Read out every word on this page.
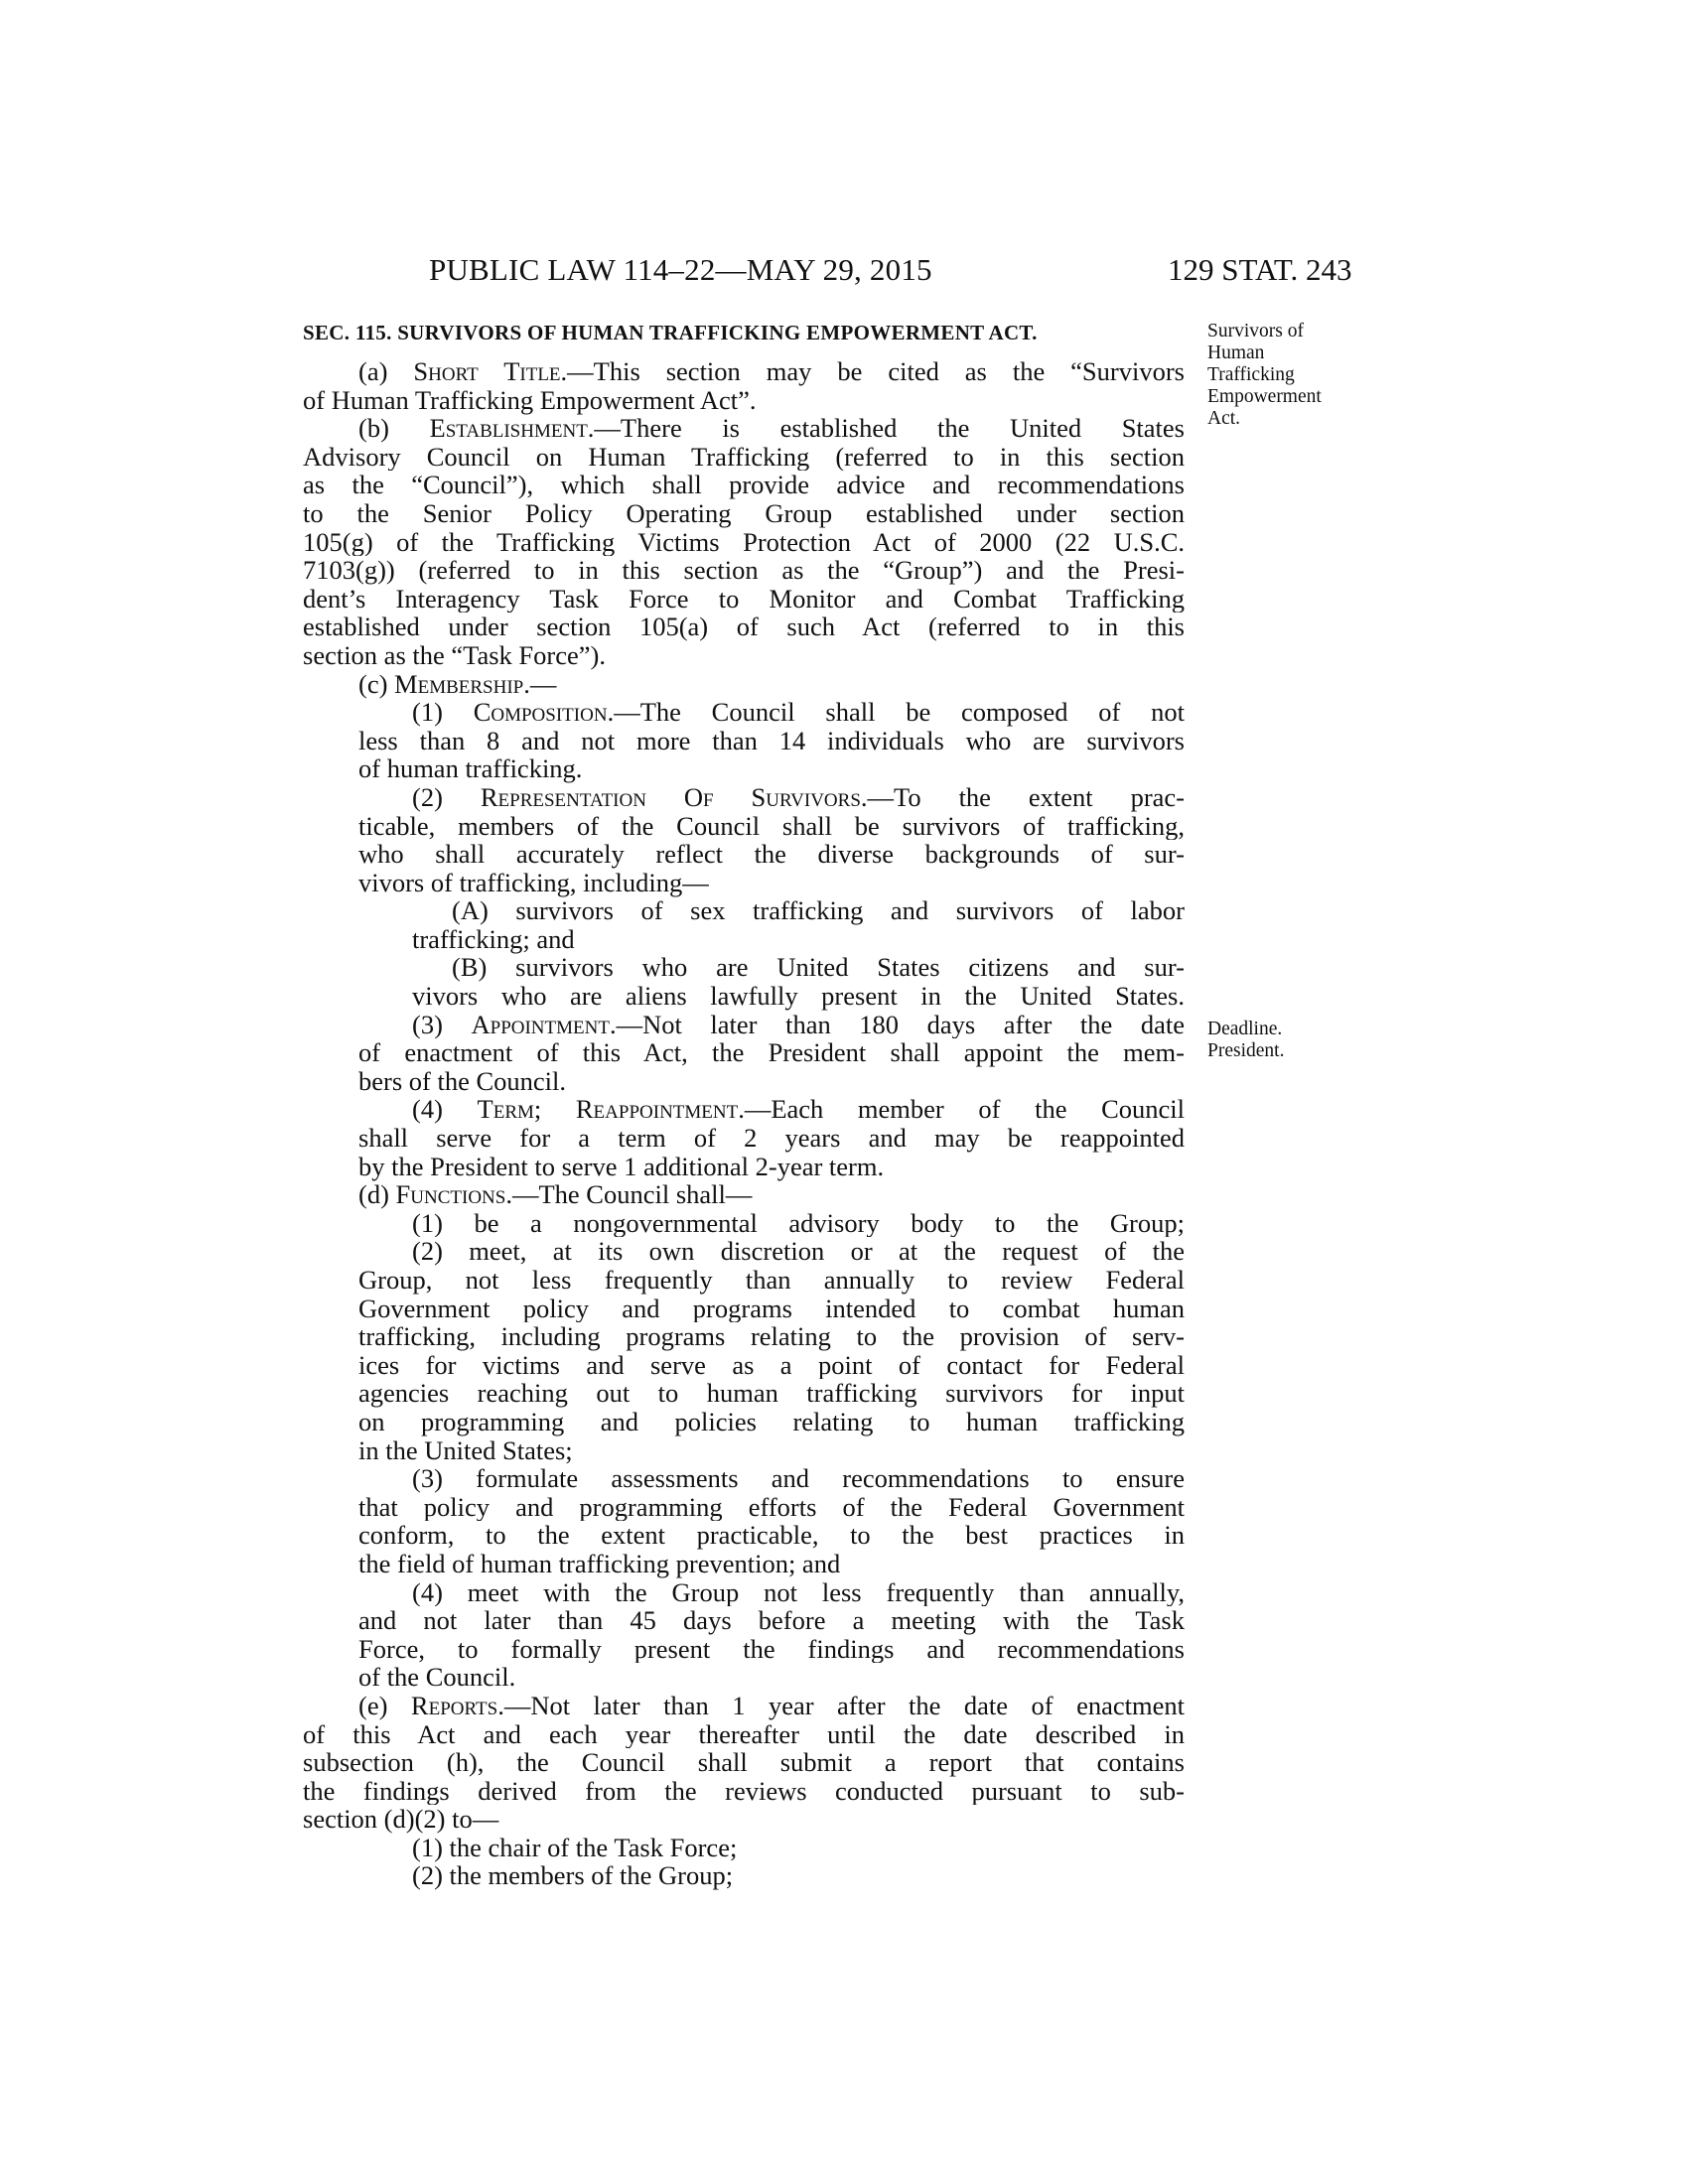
PUBLIC LAW 114–22—MAY 29, 2015	129 STAT. 243
Survivors of
Human
Trafficking
Empowerment
Act.
Deadline.
President.
SEC. 115. SURVIVORS OF HUMAN TRAFFICKING EMPOWERMENT ACT.
(a) Short Title.—This section may be cited as the “Survivors
of Human Trafficking Empowerment Act”.
(b) Establishment.—There is established the United States
Advisory Council on Human Trafficking (referred to in this section
as the “Council”), which shall provide advice and recommendations
to the Senior Policy Operating Group established under section
105(g) of the Trafficking Victims Protection Act of 2000 (22 U.S.C.
7103(g)) (referred to in this section as the “Group”) and the Presi-
dent’s Interagency Task Force to Monitor and Combat Trafficking
established under section 105(a) of such Act (referred to in this
section as the “Task Force”).
(c) Membership.—
(1) Composition.—The Council shall be composed of not
less than 8 and not more than 14 individuals who are survivors
of human trafficking.
(2) Representation Of Survivors.—To the extent prac-
ticable, members of the Council shall be survivors of trafficking,
who shall accurately reflect the diverse backgrounds of sur-
vivors of trafficking, including—
(A) survivors of sex trafficking and survivors of labor
trafficking; and
(B) survivors who are United States citizens and sur-
vivors who are aliens lawfully present in the United States.
(3) Appointment.—Not later than 180 days after the date
of enactment of this Act, the President shall appoint the mem-
bers of the Council.
(4) Term; Reappointment.—Each member of the Council
shall serve for a term of 2 years and may be reappointed
by the President to serve 1 additional 2-year term.
(d) Functions.—The Council shall—
(1) be a nongovernmental advisory body to the Group;
(2) meet, at its own discretion or at the request of the
Group, not less frequently than annually to review Federal
Government policy and programs intended to combat human
trafficking, including programs relating to the provision of serv-
ices for victims and serve as a point of contact for Federal
agencies reaching out to human trafficking survivors for input
on programming and policies relating to human trafficking
in the United States;
(3) formulate assessments and recommendations to ensure
that policy and programming efforts of the Federal Government
conform, to the extent practicable, to the best practices in
the field of human trafficking prevention; and
(4) meet with the Group not less frequently than annually,
and not later than 45 days before a meeting with the Task
Force, to formally present the findings and recommendations
of the Council.
(e) Reports.—Not later than 1 year after the date of enactment
of this Act and each year thereafter until the date described in
subsection (h), the Council shall submit a report that contains
the findings derived from the reviews conducted pursuant to sub-
section (d)(2) to—
(1) the chair of the Task Force;
(2) the members of the Group;
